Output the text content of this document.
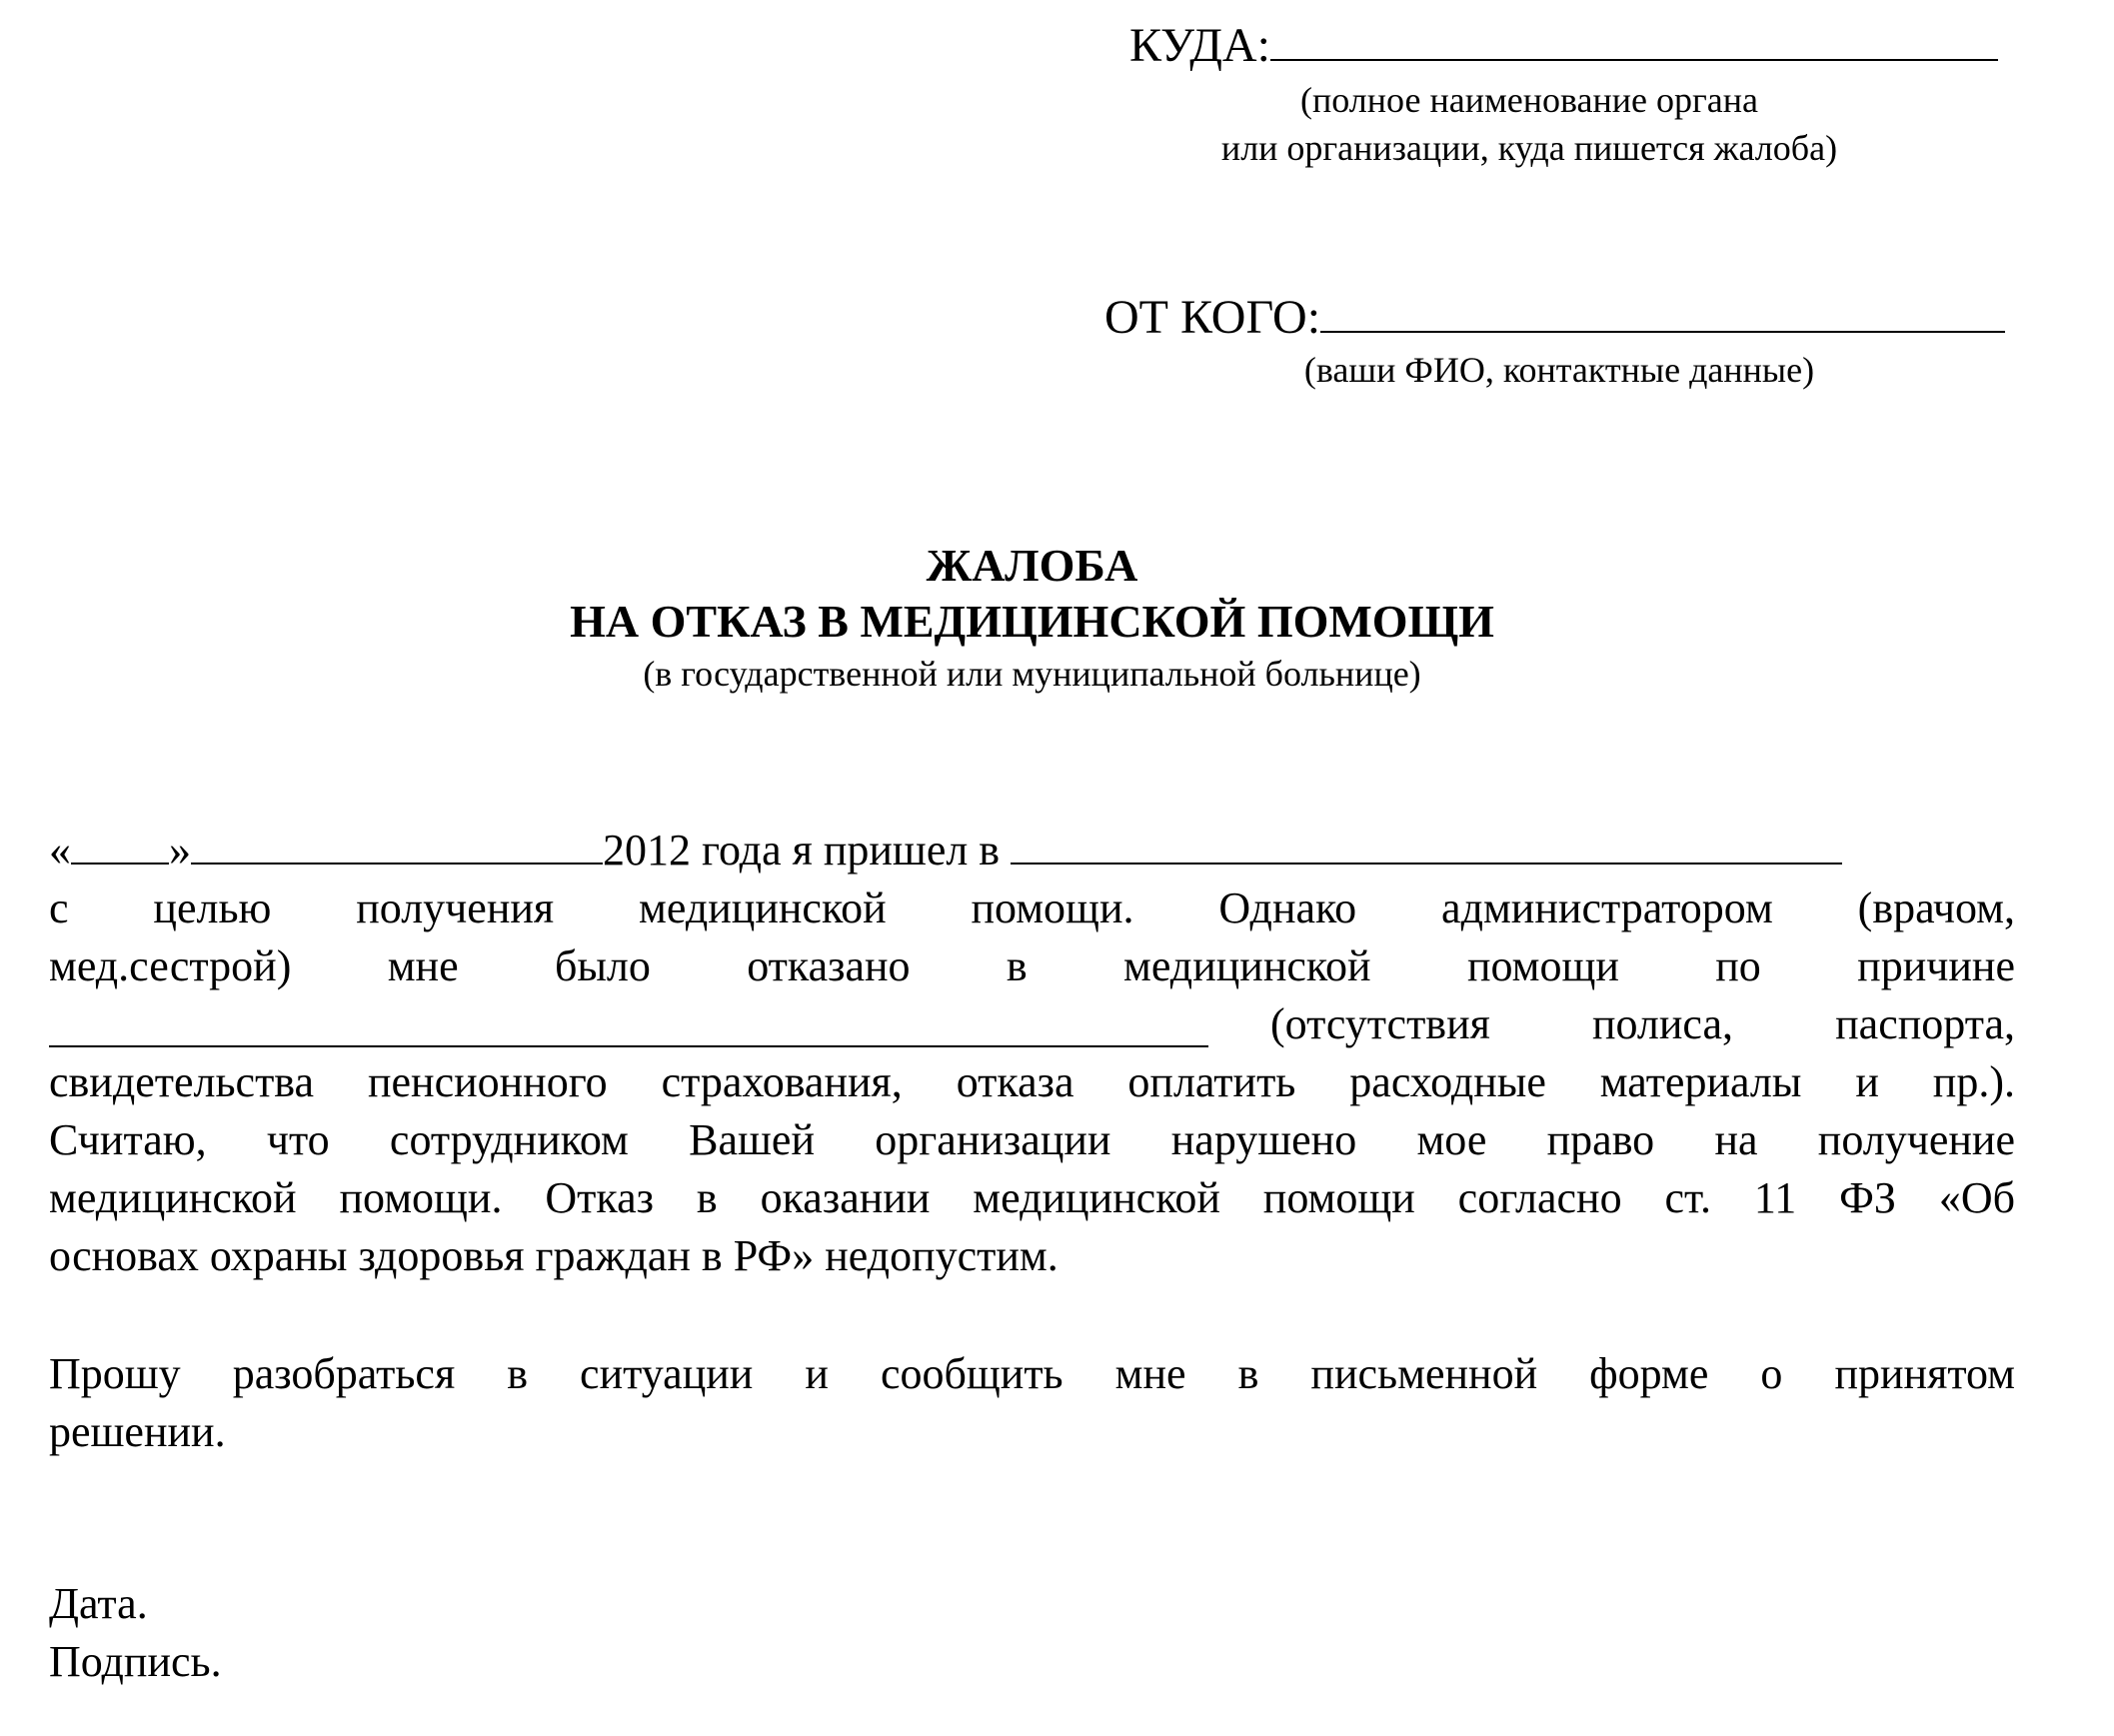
КУДА:
(полное наименование органа
или организации, куда пишется жалоба)
ОТ КОГО:
(ваши ФИО, контактные данные)
ЖАЛОБА
НА ОТКАЗ В МЕДИЦИНСКОЙ ПОМОЩИ
(в государственной или муниципальной больнице)
« »	2012 года я пришел в
с целью получения медицинской помощи. Однако администратором (врачом,
мед.сестрой) мне было отказано в медицинской помощи по причине
(отсутствия полиса, паспорта,
свидетельства пенсионного страхования, отказа оплатить расходные материалы и пр.).
Считаю, что сотрудником Вашей организации нарушено мое право на получение
медицинской помощи. Отказ в оказании медицинской помощи согласно ст. 11 ФЗ «Об
основах охраны здоровья граждан в РФ» недопустим.
Прошу разобраться в ситуации и сообщить мне в письменной форме о принятом
решении.
Дата.
Подпись.
